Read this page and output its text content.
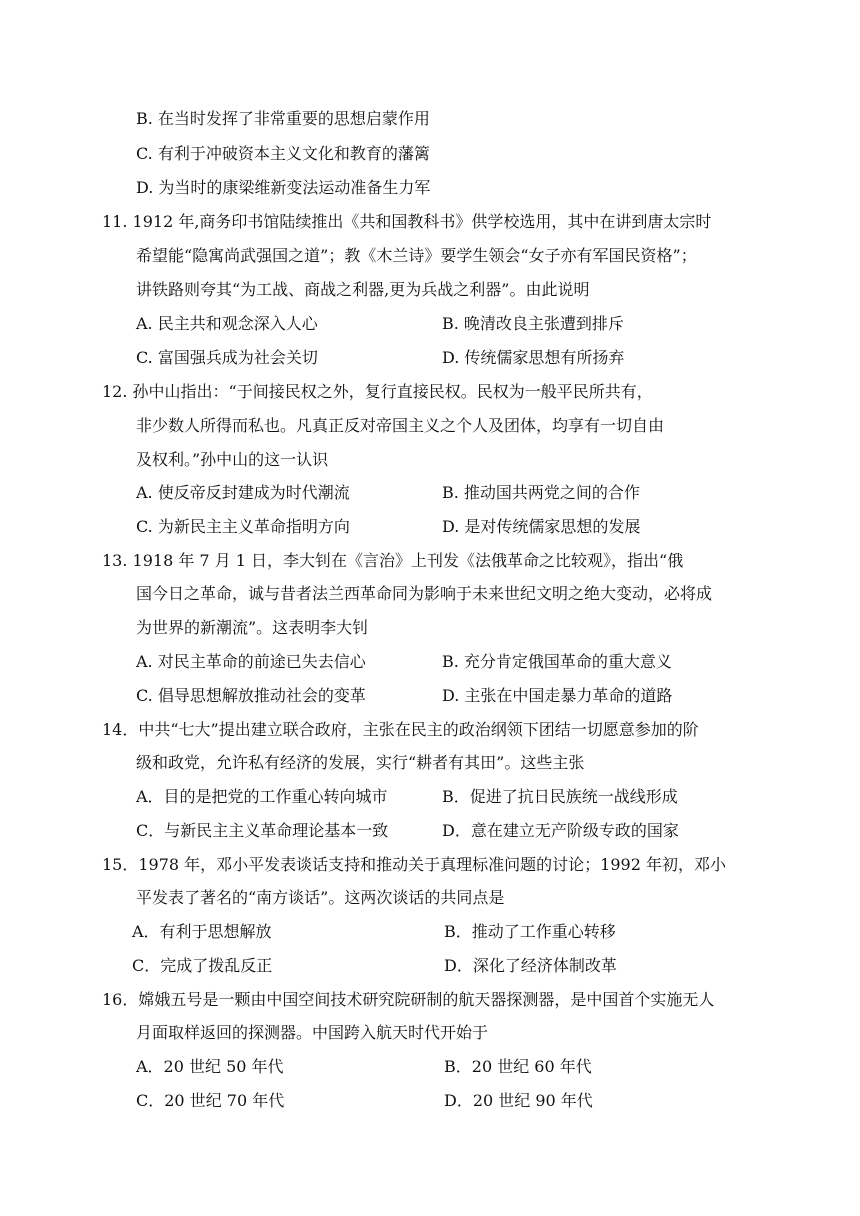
B. 在当时发挥了非常重要的思想启蒙作用
C. 有利于冲破资本主义文化和教育的藩篱
D. 为当时的康梁维新变法运动准备生力军
11. 1912 年,商务印书馆陆续推出《共和国教科书》供学校选用，其中在讲到唐太宗时
希望能“隐寓尚武强国之道”；教《木兰诗》要学生领会“女子亦有军国民资格”；
讲铁路则夸其“为工战、商战之利器,更为兵战之利器”。由此说明
A. 民主共和观念深入人心	B. 晚清改良主张遭到排斥
C. 富国强兵成为社会关切	D. 传统儒家思想有所扬弃
12. 孙中山指出：“于间接民权之外，复行直接民权。民权为一般平民所共有，
非少数人所得而私也。凡真正反对帝国主义之个人及团体，均享有一切自由
及权利。”孙中山的这一认识
A. 使反帝反封建成为时代潮流	B. 推动国共两党之间的合作
C. 为新民主主义革命指明方向	D. 是对传统儒家思想的发展
13. 1918 年 7 月 1 日，李大钊在《言治》上刊发《法俄革命之比较观》，指出“俄
国今日之革命，诚与昔者法兰西革命同为影响于未来世纪文明之绝大变动，必将成
为世界的新潮流”。这表明李大钊
A. 对民主革命的前途已失去信心	B. 充分肯定俄国革命的重大意义
C. 倡导思想解放推动社会的变革	D. 主张在中国走暴力革命的道路
14．中共“七大”提出建立联合政府，主张在民主的政治纲领下团结一切愿意参加的阶
级和政党，允许私有经济的发展，实行“耕者有其田”。这些主张
A．目的是把党的工作重心转向城市	B．促进了抗日民族统一战线形成
C．与新民主主义革命理论基本一致	D．意在建立无产阶级专政的国家
15．1978 年，邓小平发表谈话支持和推动关于真理标准问题的讨论；1992 年初，邓小
平发表了著名的“南方谈话”。这两次谈话的共同点是
A．有利于思想解放	B．推动了工作重心转移
C．完成了拨乱反正	D．深化了经济体制改革
16．嫦娥五号是一颗由中国空间技术研究院研制的航天器探测器，是中国首个实施无人
月面取样返回的探测器。中国跨入航天时代开始于
A．20 世纪 50 年代	B．20 世纪 60 年代
C．20 世纪 70 年代	D．20 世纪 90 年代
